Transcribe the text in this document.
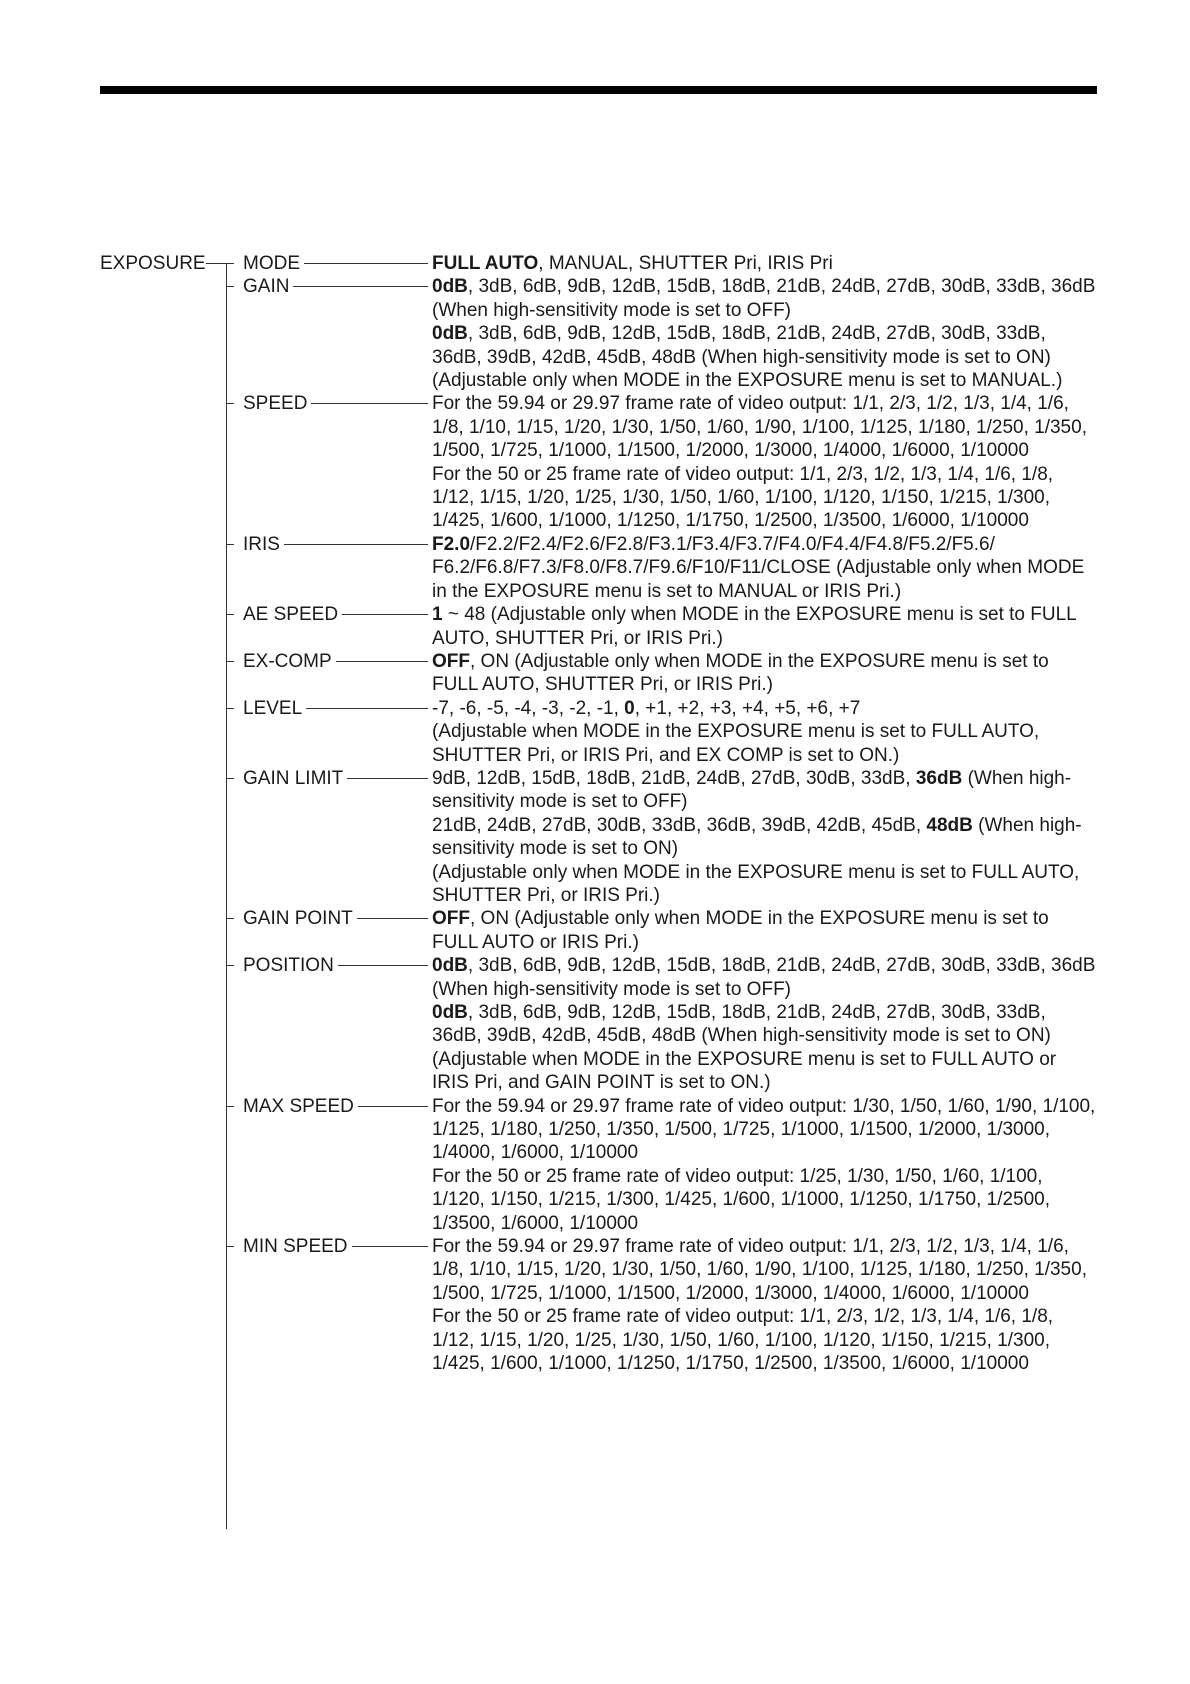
EXPOSURE MODE	FULL AUTO, MANUAL, SHUTTER Pri, IRIS Pri

GAIN	0dB, 3dB, 6dB, 9dB, 12dB, 15dB, 18dB, 21dB, 24dB, 27dB, 30dB, 33dB, 36dB (When high-sensitivity mode is set to OFF)

0dB, 3dB, 6dB, 9dB, 12dB, 15dB, 18dB, 21dB, 24dB, 27dB, 30dB, 33dB, 36dB, 39dB, 42dB, 45dB, 48dB (When high-sensitivity mode is set to ON) (Adjustable only when MODE in the EXPOSURE menu is set to MANUAL.)

SPEED	For the 59.94 or 29.97 frame rate of video output: 1/1, 2/3, 1/2, 1/3, 1/4, 1/6, 1/8, 1/10, 1/15, 1/20, 1/30, 1/50, 1/60, 1/90, 1/100, 1/125, 1/180, 1/250, 1/350, 1/500, 1/725, 1/1000, 1/1500, 1/2000, 1/3000, 1/4000, 1/6000, 1/10000

For the 50 or 25 frame rate of video output: 1/1, 2/3, 1/2, 1/3, 1/4, 1/6, 1/8, 1/12, 1/15, 1/20, 1/25, 1/30, 1/50, 1/60, 1/100, 1/120, 1/150, 1/215, 1/300, 1/425, 1/600, 1/1000, 1/1250, 1/1750, 1/2500, 1/3500, 1/6000, 1/10000

IRIS	F2.0/F2.2/F2.4/F2.6/F2.8/F3.1/F3.4/F3.7/F4.0/F4.4/F4.8/F5.2/F5.6/ F6.2/F6.8/F7.3/F8.0/F8.7/F9.6/F10/F11/CLOSE (Adjustable only when MODE in the EXPOSURE menu is set to MANUAL or IRIS Pri.)

AE SPEED	1 ~ 48 (Adjustable only when MODE in the EXPOSURE menu is set to FULL AUTO, SHUTTER Pri, or IRIS Pri.)

EX-COMP	OFF, ON (Adjustable only when MODE in the EXPOSURE menu is set to FULL AUTO, SHUTTER Pri, or IRIS Pri.)

LEVEL	-7, -6, -5, -4, -3, -2, -1, 0, +1, +2, +3, +4, +5, +6, +7

(Adjustable when MODE in the EXPOSURE menu is set to FULL AUTO, SHUTTER Pri, or IRIS Pri, and EX COMP is set to ON.)

GAIN LIMIT	9dB, 12dB, 15dB, 18dB, 21dB, 24dB, 27dB, 30dB, 33dB, 36dB (When high-sensitivity mode is set to OFF)

21dB, 24dB, 27dB, 30dB, 33dB, 36dB, 39dB, 42dB, 45dB, 48dB (When high-sensitivity mode is set to ON)

(Adjustable only when MODE in the EXPOSURE menu is set to FULL AUTO, SHUTTER Pri, or IRIS Pri.)

GAIN POINT	OFF, ON (Adjustable only when MODE in the EXPOSURE menu is set to FULL AUTO or IRIS Pri.)

POSITION	0dB, 3dB, 6dB, 9dB, 12dB, 15dB, 18dB, 21dB, 24dB, 27dB, 30dB, 33dB, 36dB (When high-sensitivity mode is set to OFF)

0dB, 3dB, 6dB, 9dB, 12dB, 15dB, 18dB, 21dB, 24dB, 27dB, 30dB, 33dB, 36dB, 39dB, 42dB, 45dB, 48dB (When high-sensitivity mode is set to ON)

(Adjustable when MODE in the EXPOSURE menu is set to FULL AUTO or IRIS Pri, and GAIN POINT is set to ON.)

MAX SPEED	For the 59.94 or 29.97 frame rate of video output: 1/30, 1/50, 1/60, 1/90, 1/100, 1/125, 1/180, 1/250, 1/350, 1/500, 1/725, 1/1000, 1/1500, 1/2000, 1/3000, 1/4000, 1/6000, 1/10000

For the 50 or 25 frame rate of video output: 1/25, 1/30, 1/50, 1/60, 1/100, 1/120, 1/150, 1/215, 1/300, 1/425, 1/600, 1/1000, 1/1250, 1/1750, 1/2500, 1/3500, 1/6000, 1/10000

MIN SPEED	For the 59.94 or 29.97 frame rate of video output: 1/1, 2/3, 1/2, 1/3, 1/4, 1/6, 1/8, 1/10, 1/15, 1/20, 1/30, 1/50, 1/60, 1/90, 1/100, 1/125, 1/180, 1/250, 1/350, 1/500, 1/725, 1/1000, 1/1500, 1/2000, 1/3000, 1/4000, 1/6000, 1/10000

For the 50 or 25 frame rate of video output: 1/1, 2/3, 1/2, 1/3, 1/4, 1/6, 1/8, 1/12, 1/15, 1/20, 1/25, 1/30, 1/50, 1/60, 1/100, 1/120, 1/150, 1/215, 1/300, 1/425, 1/600, 1/1000, 1/1250, 1/1750, 1/2500, 1/3500, 1/6000, 1/10000
